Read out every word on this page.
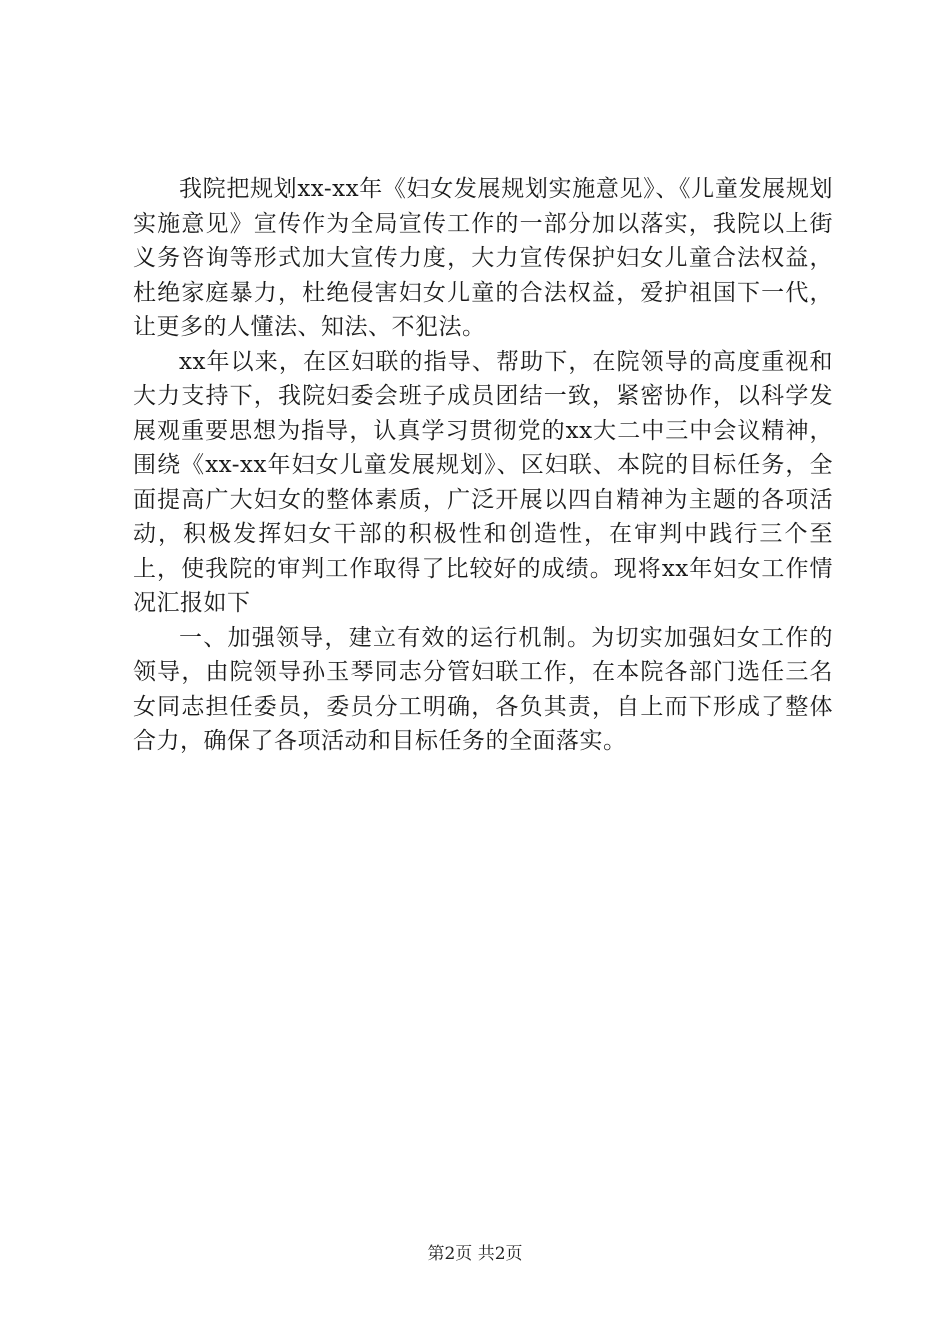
我院把规划xx-xx年《妇女发展规划实施意见》、《儿童发展规划实施意见》宣传作为全局宣传工作的一部分加以落实，我院以上街义务咨询等形式加大宣传力度，大力宣传保护妇女儿童合法权益，杜绝家庭暴力，杜绝侵害妇女儿童的合法权益，爱护祖国下一代，让更多的人懂法、知法、不犯法。

xx年以来，在区妇联的指导、帮助下，在院领导的高度重视和大力支持下，我院妇委会班子成员团结一致，紧密协作，以科学发展观重要思想为指导，认真学习贯彻党的xx大二中三中会议精神，围绕《xx-xx年妇女儿童发展规划》、区妇联、本院的目标任务，全面提高广大妇女的整体素质，广泛开展以四自精神为主题的各项活动，积极发挥妇女干部的积极性和创造性，在审判中践行三个至上，使我院的审判工作取得了比较好的成绩。现将xx年妇女工作情况汇报如下

一、加强领导，建立有效的运行机制。为切实加强妇女工作的领导，由院领导孙玉琴同志分管妇联工作，在本院各部门选任三名女同志担任委员，委员分工明确，各负其责，自上而下形成了整体合力，确保了各项活动和目标任务的全面落实。

第2页 共2页
